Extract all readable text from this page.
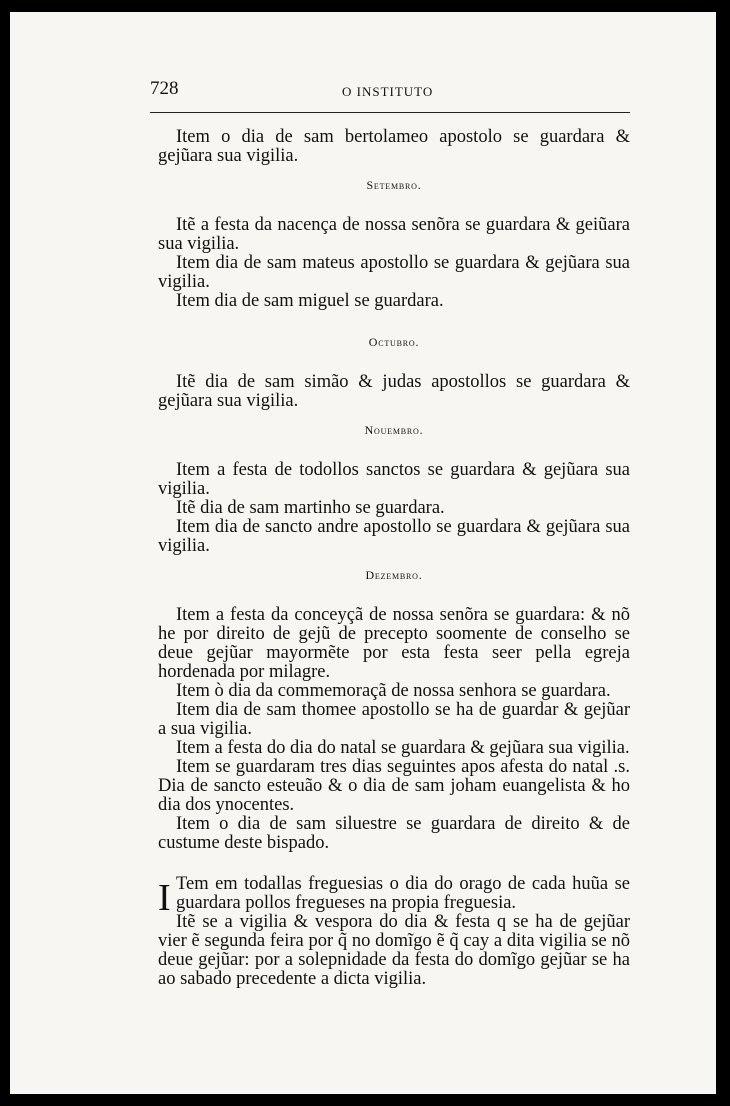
728	O INSTITUTO

Item o dia de sam bertolameo apostolo se guardara & gejũara sua vigilia.

Setembro.

Itẽ a festa da nacença de nossa senõra se guardara & geiũara sua vigilia.

Item dia de sam mateus apostollo se guardara & gejũara sua vigilia.

Item dia de sam miguel se guardara.

Octubro.

Itẽ dia de sam simão & judas apostollos se guardara & gejũara sua vigilia.

Nouembro.

Item a festa de todollos sanctos se guardara & gejũara sua vigilia.

Itẽ dia de sam martinho se guardara.

Item dia de sancto andre apostollo se guardara & gejũara sua vigilia.

Dezembro.

Item a festa da conceyçã de nossa senõra se guardara: & nõ he por direito de gejũ de precepto soomente de conselho se deue gejũar mayormẽte por esta festa seer pella egreja hordenada por milagre.

Item ò dia da commemoraçã de nossa senhora se guardara.

Item dia de sam thomee apostollo se ha de guardar & gejũar a sua vigilia.

Item a festa do dia do natal se guardara & gejũara sua vigilia.

Item se guardaram tres dias seguintes apos afesta do natal .s. Dia de sancto esteuão & o dia de sam joham euangelista & ho dia dos ynocentes.

Item o dia de sam siluestre se guardara de direito & de custume deste bispado.

I Tem em todallas freguesias o dia do orago de cada huũa se guardara pollos fregueses na propia freguesia.

Itẽ se a vigilia & vespora do dia & festa q se ha de gejũar vier ẽ segunda feira por q̃ no domĩgo ẽ q̃ cay a dita vigilia se nõ deue gejũar: por a solepnidade da festa do domĩgo gejũar se ha ao sabado precedente a dicta vigilia.
